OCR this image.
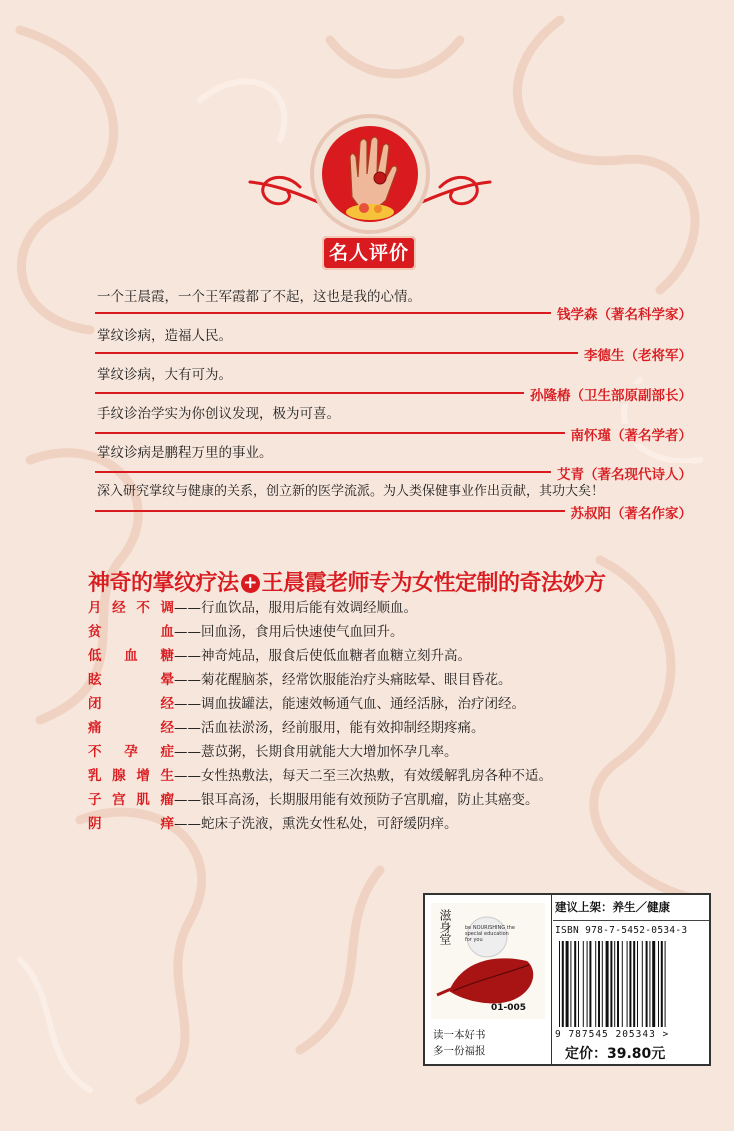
名人评价
一个王晨霞，一个王军霞都了不起，这也是我的心情。
钱学森（著名科学家）
掌纹诊病，造福人民。
李德生（老将军）
掌纹诊病，大有可为。
孙隆椿（卫生部原副部长）
手纹诊治学实为你创议发现，极为可喜。
南怀瑾（著名学者）
掌纹诊病是鹏程万里的事业。
艾青（著名现代诗人）
深入研究掌纹与健康的关系，创立新的医学流派。为人类保健事业作出贡献，其功大矣！
苏叔阳（著名作家）
神奇的掌纹疗法 + 王晨霞老师专为女性定制的奇法妙方
月 经 不 调 ——行血饮品，服用后能有效调经顺血。
贫	血 ——回血汤，食用后快速使气血回升。
低 血 糖 ——神奇炖品，服食后使低血糖者血糖立刻升高。
眩	晕 ——菊花醒脑茶，经常饮服能治疗头痛眩晕、眼目昏花。
闭	经 ——调血拔罐法，能速效畅通气血、通经活脉，治疗闭经。
痛	经 ——活血祛淤汤，经前服用，能有效抑制经期疼痛。
不 孕 症 ——薏苡粥，长期食用就能大大增加怀孕几率。
乳 腺 增 生 ——女性热敷法，每天二至三次热敷，有效缓解乳房各种不适。
子 宫 肌 瘤 ——银耳高汤，长期服用能有效预防子宫肌瘤，防止其癌变。
阴	痒 ——蛇床子洗液，熏洗女性私处，可舒缓阴痒。
滋身堂	be NOURISHING the special education for you
01-005
读一本好书
多一份福报
建议上架：养生／健康
ISBN 978-7-5452-0534-3
9 787545 205343 >
定价：39.80元
